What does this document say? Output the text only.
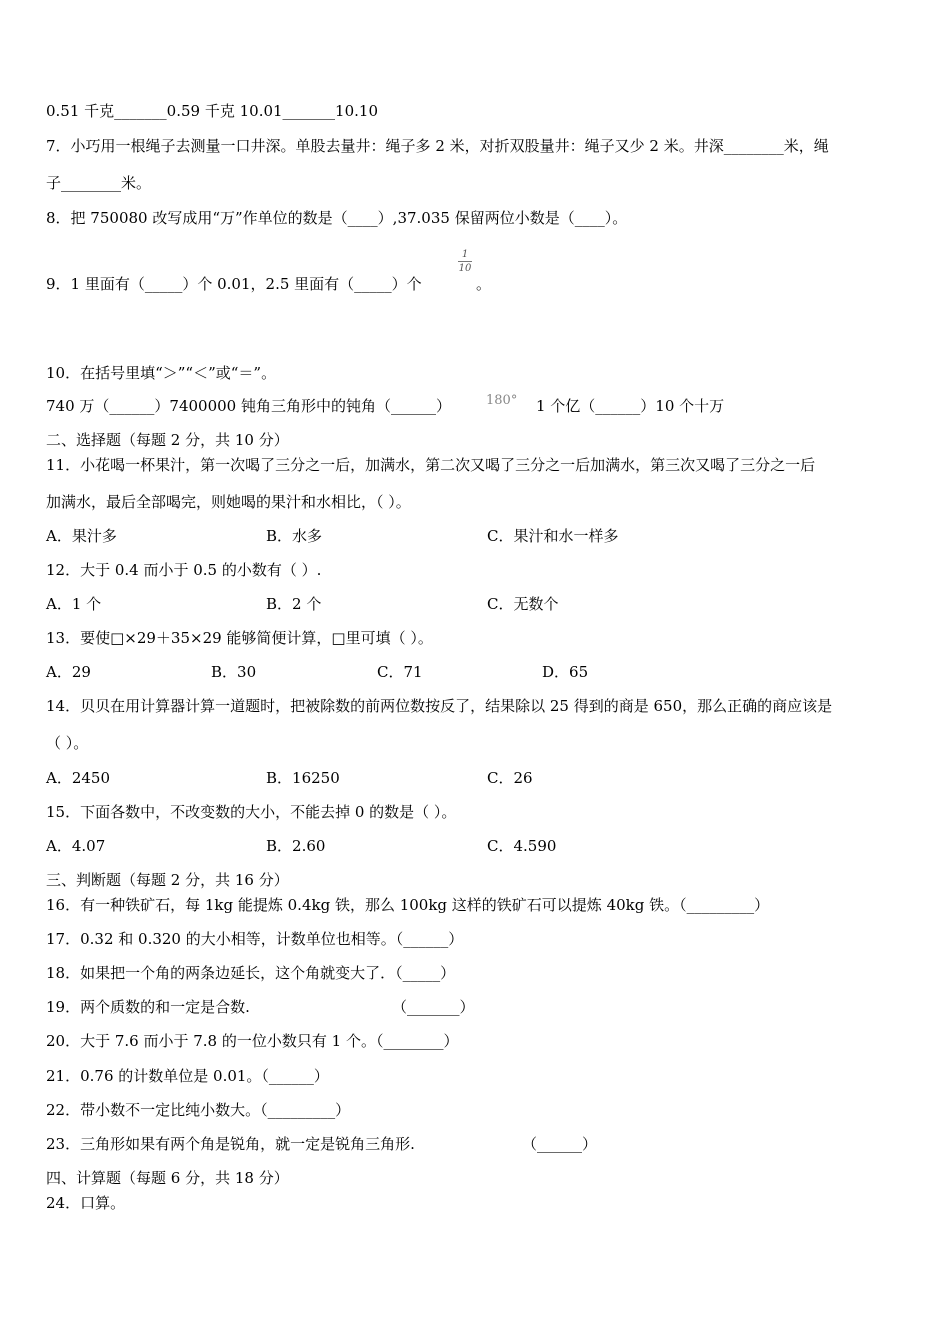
0.51 千克_______0.59 千克 10.01_______10.10
7．小巧用一根绳子去测量一口井深。单股去量井：绳子多 2 米，对折双股量井：绳子又少 2 米。井深________米，绳
子________米。
8．把 750080 改写成用“万”作单位的数是（____）,37.035 保留两位小数是（____）。
9．1 里面有（_____）个 0.01，2.5 里面有（_____）个
1
10
。
10．在括号里填“＞”“＜”或“＝”。
740 万（______）7400000 钝角三角形中的钝角（______）	180° 1 个亿（______）10 个十万
二、选择题（每题 2 分，共 10 分）
11．小花喝一杯果汁，第一次喝了三分之一后，加满水，第二次又喝了三分之一后加满水，第三次又喝了三分之一后
加满水，最后全部喝完，则她喝的果汁和水相比，（ ）。
A．果汁多	B．水多	C．果汁和水一样多
12．大于 0.4 而小于 0.5 的小数有（ ）.
A．1 个	B．2 个	C．无数个
13．要使□×29＋35×29 能够简便计算，□里可填（ ）。
A．29	B．30	C．71	D．65
14．贝贝在用计算器计算一道题时，把被除数的前两位数按反了，结果除以 25 得到的商是 650，那么正确的商应该是
（ ）。
A．2450	B．16250	C．26
15．下面各数中，不改变数的大小，不能去掉 0 的数是（ ）。
A．4.07	B．2.60	C．4.590
三、判断题（每题 2 分，共 16 分）
16．有一种铁矿石，每 1kg 能提炼 0.4kg 铁，那么 100kg 这样的铁矿石可以提炼 40kg 铁。（_________）
17．0.32 和 0.320 的大小相等，计数单位也相等。（______）
18．如果把一个角的两条边延长，这个角就变大了．（_____）
19．两个质数的和一定是合数.	（_______）
20．大于 7.6 而小于 7.8 的一位小数只有 1 个。（________）
21．0.76 的计数单位是 0.01。（______）
22．带小数不一定比纯小数大。（_________）
23．三角形如果有两个角是锐角，就一定是锐角三角形.	（______）
四、计算题（每题 6 分，共 18 分）
24．口算。
